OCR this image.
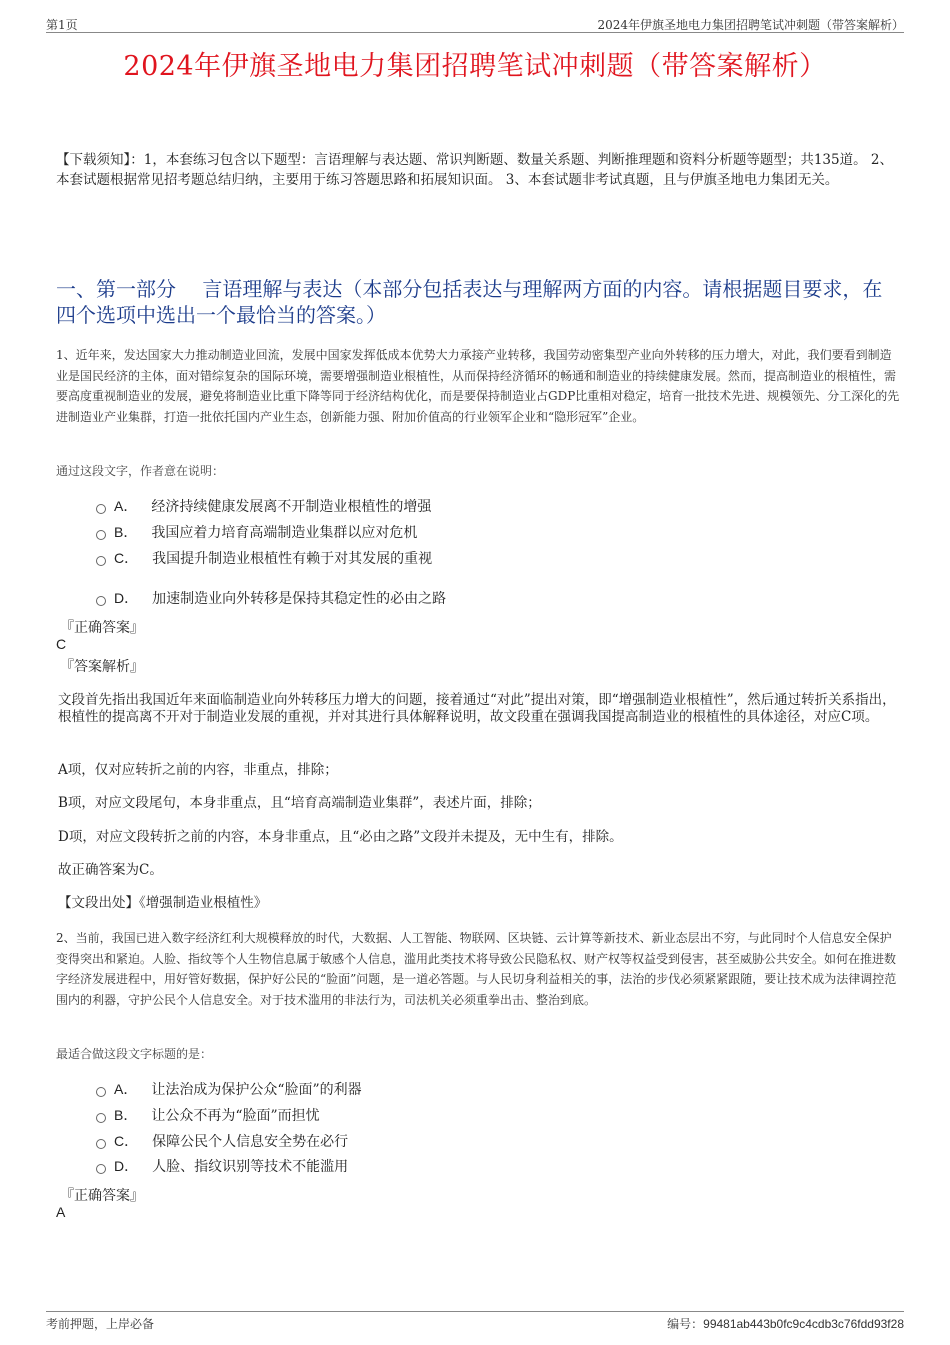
第1页	2024年伊旗圣地电力集团招聘笔试冲刺题（带答案解析）
2024年伊旗圣地电力集团招聘笔试冲刺题（带答案解析）
【下载须知】：1，本套练习包含以下题型：言语理解与表达题、常识判断题、数量关系题、判断推理题和资料分析题等题型；共135道。 2、本套试题根据常见招考题总结归纳，主要用于练习答题思路和拓展知识面。 3、本套试题非考试真题，且与伊旗圣地电力集团无关。
一、第一部分　 言语理解与表达（本部分包括表达与理解两方面的内容。请根据题目要求，在四个选项中选出一个最恰当的答案。）
1、近年来，发达国家大力推动制造业回流，发展中国家发挥低成本优势大力承接产业转移，我国劳动密集型产业向外转移的压力增大，对此，我们要看到制造业是国民经济的主体，面对错综复杂的国际环境，需要增强制造业根植性，从而保持经济循环的畅通和制造业的持续健康发展。然而，提高制造业的根植性，需要高度重视制造业的发展，避免将制造业比重下降等同于经济结构优化，而是要保持制造业占GDP比重相对稳定，培育一批技术先进、规模领先、分工深化的先进制造业产业集群，打造一批依托国内产业生态，创新能力强、附加价值高的行业领军企业和“隐形冠军”企业。
通过这段文字，作者意在说明：
A． 经济持续健康发展离不开制造业根植性的增强
B． 我国应着力培育高端制造业集群以应对危机
C． 我国提升制造业根植性有赖于对其发展的重视
D． 加速制造业向外转移是保持其稳定性的必由之路
『正确答案』
C
『答案解析』
文段首先指出我国近年来面临制造业向外转移压力增大的问题，接着通过“对此”提出对策，即“增强制造业根植性”，然后通过转折关系指出，根植性的提高离不开对于制造业发展的重视，并对其进行具体解释说明，故文段重在强调我国提高制造业的根植性的具体途径，对应C项。
A项，仅对应转折之前的内容，非重点，排除；
B项，对应文段尾句，本身非重点，且“培育高端制造业集群”，表述片面，排除；
D项，对应文段转折之前的内容，本身非重点，且“必由之路”文段并未提及，无中生有，排除。
故正确答案为C。
【文段出处】《增强制造业根植性》
2、当前，我国已进入数字经济红利大规模释放的时代，大数据、人工智能、物联网、区块链、云计算等新技术、新业态层出不穷，与此同时个人信息安全保护变得突出和紧迫。人脸、指纹等个人生物信息属于敏感个人信息，滥用此类技术将导致公民隐私权、财产权等权益受到侵害，甚至威胁公共安全。如何在推进数字经济发展进程中，用好管好数据，保护好公民的“脸面”问题，是一道必答题。与人民切身利益相关的事，法治的步伐必须紧紧跟随，要让技术成为法律调控范围内的利器，守护公民个人信息安全。对于技术滥用的非法行为，司法机关必须重拳出击、整治到底。
最适合做这段文字标题的是：
A． 让法治成为保护公众“脸面”的利器
B． 让公众不再为“脸面”而担忧
C． 保障公民个人信息安全势在必行
D． 人脸、指纹识别等技术不能滥用
『正确答案』
A
考前押题，上岸必备	编号：99481ab443b0fc9c4cdb3c76fdd93f28
